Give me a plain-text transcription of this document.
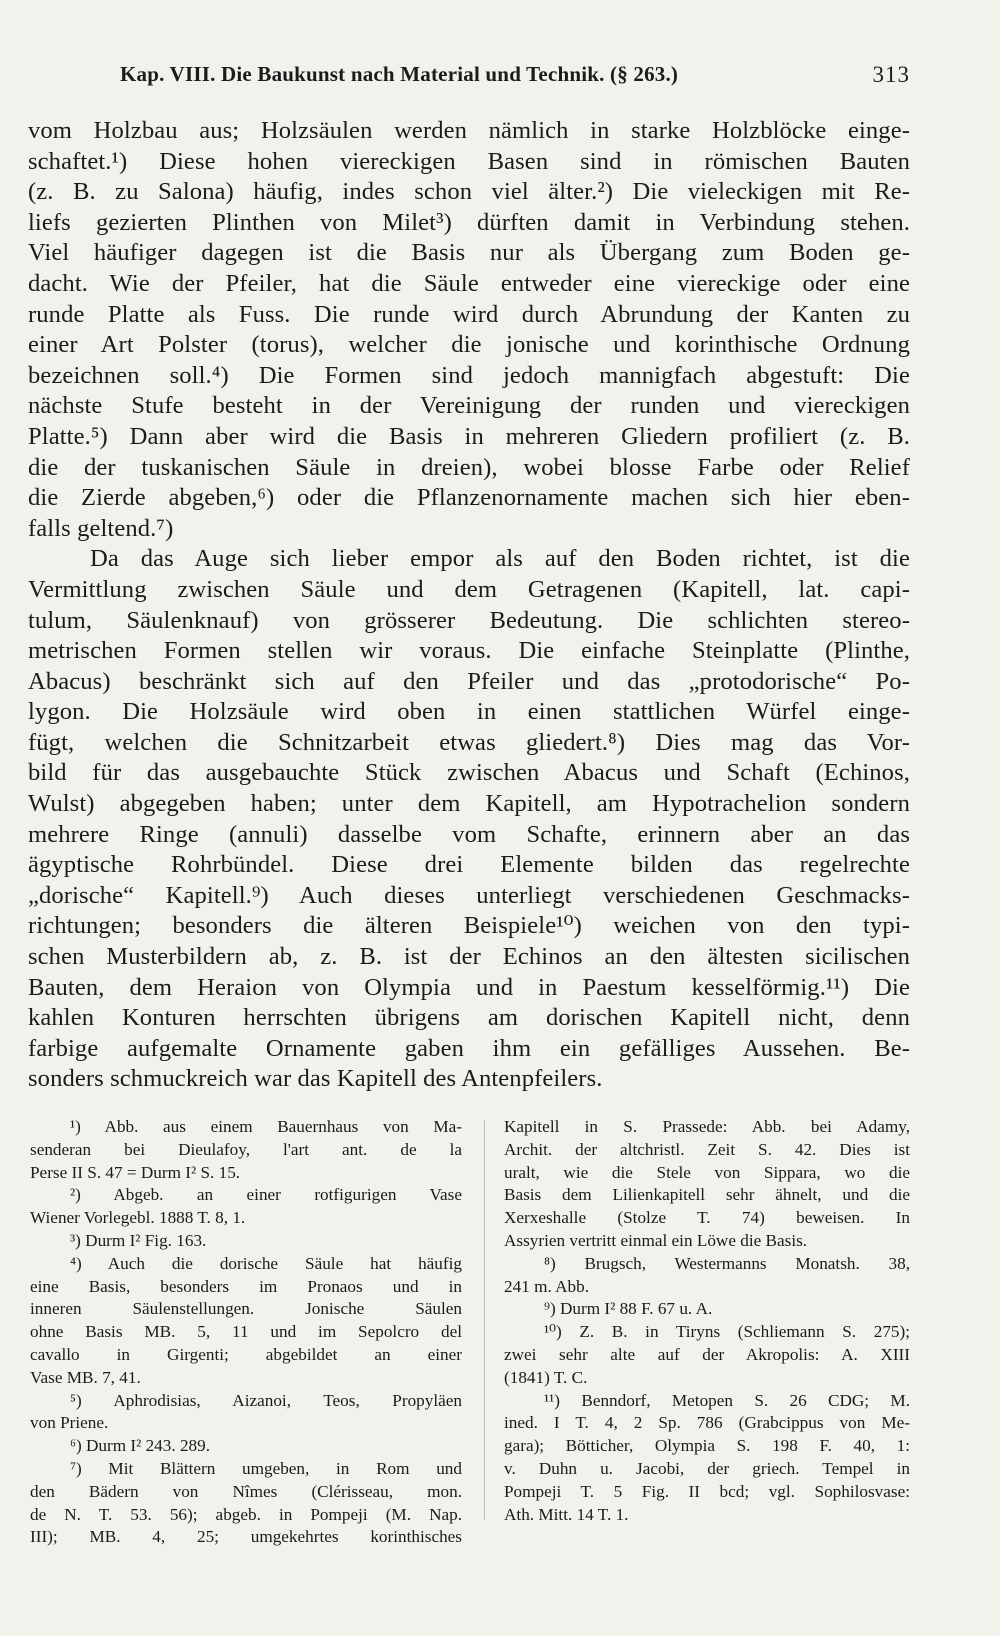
Kap. VIII. Die Baukunst nach Material und Technik. (§ 263.)	313
vom Holzbau aus; Holzsäulen werden nämlich in starke Holzblöcke einge-
schaftet.¹) Diese hohen viereckigen Basen sind in römischen Bauten
(z. B. zu Salona) häufig, indes schon viel älter.²) Die vieleckigen mit Re-
liefs gezierten Plinthen von Milet³) dürften damit in Verbindung stehen.
Viel häufiger dagegen ist die Basis nur als Übergang zum Boden ge-
dacht. Wie der Pfeiler, hat die Säule entweder eine viereckige oder eine
runde Platte als Fuss. Die runde wird durch Abrundung der Kanten zu
einer Art Polster (torus), welcher die jonische und korinthische Ordnung
bezeichnen soll.⁴) Die Formen sind jedoch mannigfach abgestuft: Die
nächste Stufe besteht in der Vereinigung der runden und viereckigen
Platte.⁵) Dann aber wird die Basis in mehreren Gliedern profiliert (z. B.
die der tuskanischen Säule in dreien), wobei blosse Farbe oder Relief
die Zierde abgeben,⁶) oder die Pflanzenornamente machen sich hier eben-
falls geltend.⁷)
Da das Auge sich lieber empor als auf den Boden richtet, ist die
Vermittlung zwischen Säule und dem Getragenen (Kapitell, lat. capi-
tulum, Säulenknauf) von grösserer Bedeutung. Die schlichten stereo-
metrischen Formen stellen wir voraus. Die einfache Steinplatte (Plinthe,
Abacus) beschränkt sich auf den Pfeiler und das „protodorische“ Po-
lygon. Die Holzsäule wird oben in einen stattlichen Würfel einge-
fügt, welchen die Schnitzarbeit etwas gliedert.⁸) Dies mag das Vor-
bild für das ausgebauchte Stück zwischen Abacus und Schaft (Echinos,
Wulst) abgegeben haben; unter dem Kapitell, am Hypotrachelion sondern
mehrere Ringe (annuli) dasselbe vom Schafte, erinnern aber an das
ägyptische Rohrbündel. Diese drei Elemente bilden das regelrechte
„dorische“ Kapitell.⁹) Auch dieses unterliegt verschiedenen Geschmacks-
richtungen; besonders die älteren Beispiele¹⁰) weichen von den typi-
schen Musterbildern ab, z. B. ist der Echinos an den ältesten sicilischen
Bauten, dem Heraion von Olympia und in Paestum kesselförmig.¹¹) Die
kahlen Konturen herrschten übrigens am dorischen Kapitell nicht, denn
farbige aufgemalte Ornamente gaben ihm ein gefälliges Aussehen. Be-
sonders schmuckreich war das Kapitell des Antenpfeilers.
¹) Abb. aus einem Bauernhaus von Ma-
senderan bei Dieulafoy, l'art ant. de la
Perse II S. 47 = Durm I² S. 15.
²) Abgeb. an einer rotfigurigen Vase
Wiener Vorlegebl. 1888 T. 8, 1.
³) Durm I² Fig. 163.
⁴) Auch die dorische Säule hat häufig
eine Basis, besonders im Pronaos und in
inneren Säulenstellungen. Jonische Säulen
ohne Basis MB. 5, 11 und im Sepolcro del
cavallo in Girgenti; abgebildet an einer
Vase MB. 7, 41.
⁵) Aphrodisias, Aizanoi, Teos, Propyläen
von Priene.
⁶) Durm I² 243. 289.
⁷) Mit Blättern umgeben, in Rom und
den Bädern von Nîmes (Clérisseau, mon.
de N. T. 53. 56); abgeb. in Pompeji (M. Nap.
III); MB. 4, 25; umgekehrtes korinthisches
Kapitell in S. Prassede: Abb. bei Adamy,
Archit. der altchristl. Zeit S. 42. Dies ist
uralt, wie die Stele von Sippara, wo die
Basis dem Lilienkapitell sehr ähnelt, und die
Xerxeshalle (Stolze T. 74) beweisen. In
Assyrien vertritt einmal ein Löwe die Basis.
⁸) Brugsch, Westermanns Monatsh. 38,
241 m. Abb.
⁹) Durm I² 88 F. 67 u. A.
¹⁰) Z. B. in Tiryns (Schliemann S. 275);
zwei sehr alte auf der Akropolis: A. XIII
(1841) T. C.
¹¹) Benndorf, Metopen S. 26 CDG; M.
ined. I T. 4, 2 Sp. 786 (Grabcippus von Me-
gara); Bötticher, Olympia S. 198 F. 40, 1:
v. Duhn u. Jacobi, der griech. Tempel in
Pompeji T. 5 Fig. II bcd; vgl. Sophilosvase:
Ath. Mitt. 14 T. 1.
